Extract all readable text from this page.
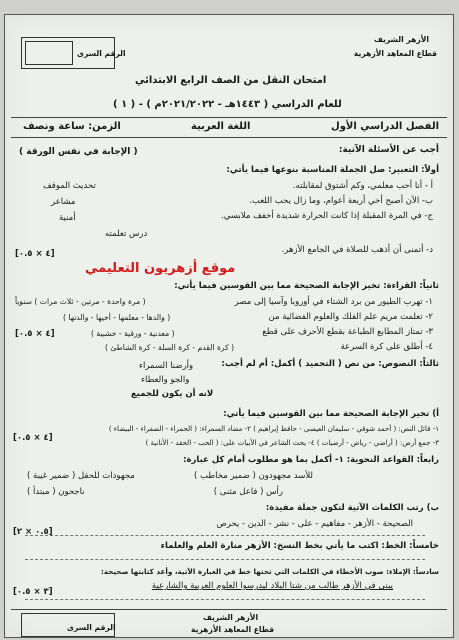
الرقم السرى
الأزهر الشريف
قطاع المعاهد الأزهرية
امتحان النقل من الصف الرابع الابتدائي
للعام الدراسي ( ١٤٤٣هـ - ٢٠٢١/٢٠٢٢م ) - ( ١ )
الفصل الدراسي الأول
اللغة العربية
الزمن: ساعة ونصف
أجب عن الأسئلة الآتية:
( الإجابة في نفس الورقة )
أولاً: التعبير: صل الجملة المناسبة بنوعها فيما يأتي:
أ - أنا أحب معلمي، وكم أشتوق لمقابلته.
تحديث الموقف
ب- الآن أصبح أخي أربعة أعوام، وما زال يحب اللعب.
مشاعر
ج- في المرة المقبلة إذا كانت الحرارة شديدة أخفف ملابسي.
أمنية
درس تعلمته
د- أتمنى أن أذهب للصلاة في الجامع الأزهر.
[٤ × ٠.٥]
موقع أزهريون التعليمي
ثانياً: القراءة: تخير الإجابة الصحيحة مما بين القوسين فيما يأتي:
١- تهرب الطيور من برد الشتاء في أوروبا وآسيا إلى مصر
( مرة واحدة - مرتين - ثلاث مرات ) سنوياً
٢- تعلمت مريم علم الفلك والعلوم الفضائية من
( والدها - معلمها - أخيها - والدتها )
٣- تمتاز المطابع الطباعة بقطع الأحرف على قطع
( معدنية - ورقية - خشبية )
٤- أطلق على كرة السرعة
( كرة القدم - كرة السلة - كرة الشاطئ )
[٤ × ٠.٥]
ثالثاً: النصوص: من نص ( التحميد ) أكمل: أم لم أجب:
وأرضنا السمراء
والجو والعطاء
لانه أن يكون للجميع
أ) تخير الإجابة الصحيحة مما بين القوسين فيما يأتي:
١- قائل النص: ( أحمد شوقي - سليمان العيسى - حافظ إبراهيم ) ٢- مضاد السمراء: ( الحمراء - الصفراء - البيضاء )
٣- جمع أرض: ( أراضي - رياض - أرضيات ) ٤- يحث الشاعر في الأبيات على: ( الحب - الحقد - الأنانية )
[٤ × ٠.٥]
رابعاً: القواعد النحوية: ١- أكمل بما هو مطلوب أمام كل عبارة:
للأسد مجهودون ( ضمير مخاطب )
مجهودات للحقل ( ضمير غيبة )
رأس ( فاعل مثنى )
ناجحون ( مبتدأ )
ب) رتب الكلمات الآتية لتكون جملة مفيدة:
الصحيحة - الأزهر - مفاهيم - على - نشر - الدين - يحرص
خامساً: الخط: اكتب ما يأتي بخط النسخ: الأزهر منارة العلم والعلماء
[٠.٥ × ٢]
سادساً: الإملاء: صوب الأخطاء في الكلمات التي تحتها خط في العبارة الآتية، وأعد كتابتها صحيحة:
يبنى في الأزهر طالب من شتا البلاد ليدرسوا العلوم العربية والشارعية
[٣ × ٠.٥]
الرقم السرى
الأزهر الشريف
قطاع المعاهد الأزهرية
